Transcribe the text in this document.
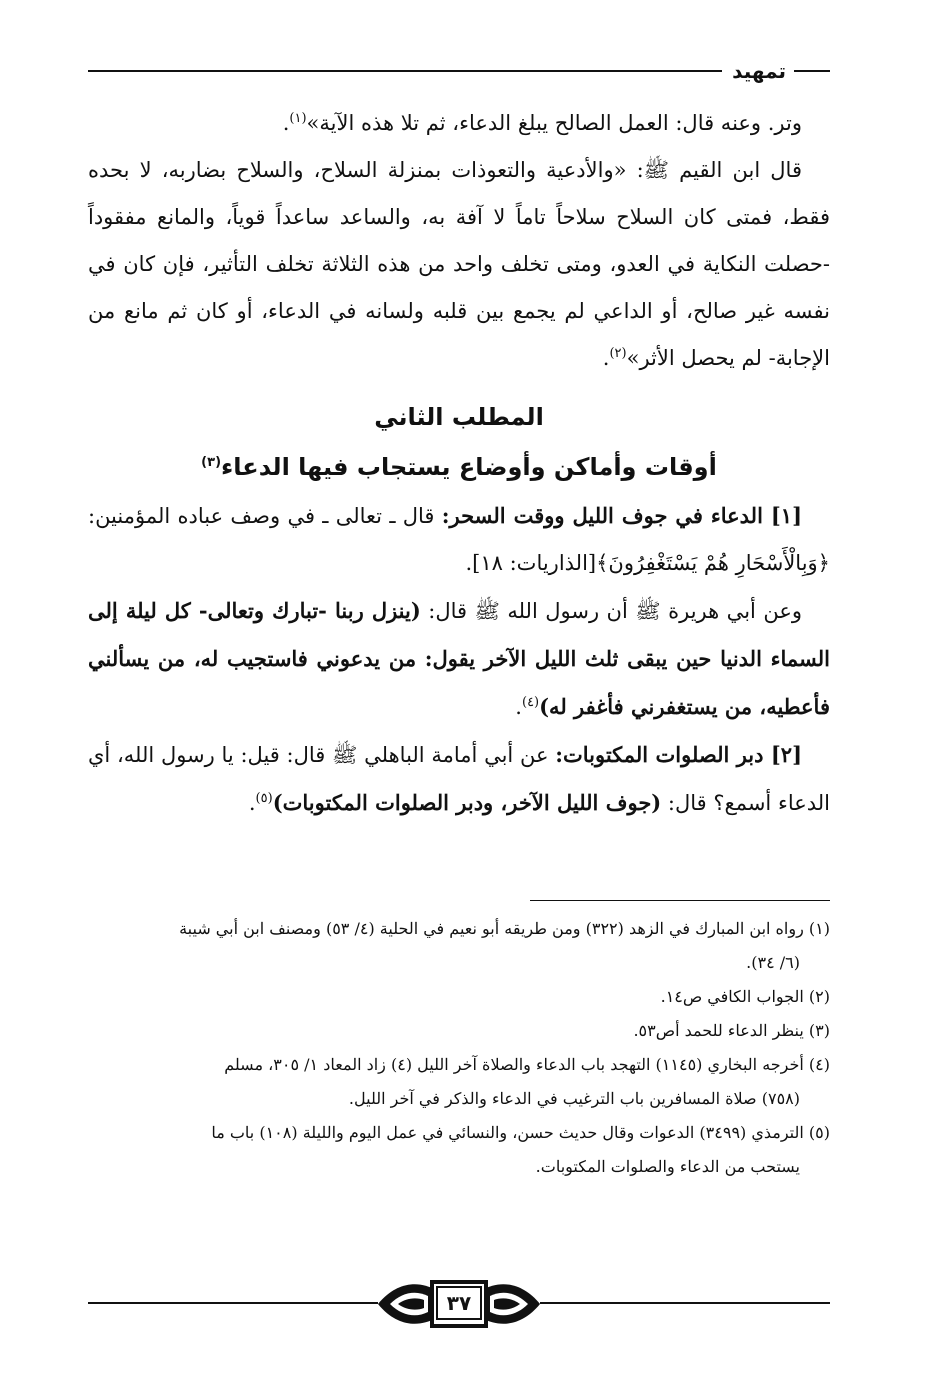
تمهيد

وتر. وعنه قال: العمل الصالح يبلغ الدعاء، ثم تلا هذه الآية»$^{(١)}$.

قال ابن القيم ﷺ: «والأدعية والتعوذات بمنزلة السلاح، والسلاح بضاربه، لا بحده فقط، فمتى كان السلاح سلاحاً تاماً لا آفة به، والساعد ساعداً قوياً، والمانع مفقوداً -حصلت النكاية في العدو، ومتى تخلف واحد من هذه الثلاثة تخلف التأثير، فإن كان في نفسه غير صالح، أو الداعي لم يجمع بين قلبه ولسانه في الدعاء، أو كان ثم مانع من الإجابة- لم يحصل الأثر»$^{(٢)}$.

المطلب الثاني
أوقات وأماكن وأوضاع يستجاب فيها الدعاء$^{(٣)}$

[١] الدعاء في جوف الليل ووقت السحر: قال ـ تعالى ـ في وصف عباده المؤمنين: ﴿وَبِالْأَسْحَارِ هُمْ يَسْتَغْفِرُونَ﴾[الذاريات: ١٨].

وعن أبي هريرة ﷺ أن رسول الله ﷺ قال: (ينزل ربنا -تبارك وتعالى- كل ليلة إلى السماء الدنيا حين يبقى ثلث الليل الآخر يقول: من يدعوني فاستجيب له، من يسألني فأعطيه، من يستغفرني فأغفر له)$^{(٤)}$.

[٢] دبر الصلوات المكتوبات: عن أبي أمامة الباهلي ﷺ قال: قيل: يا رسول الله، أي الدعاء أسمع؟ قال: (جوف الليل الآخر، ودبر الصلوات المكتوبات)$^{(٥)}$.

(١) رواه ابن المبارك في الزهد (٣٢٢) ومن طريقه أبو نعيم في الحلية (٤/ ٥٣) ومصنف ابن أبي شيبة

(٦/ ٣٤).

(٢) الجواب الكافي ص١٤.

(٣) ينظر الدعاء للحمد أص٥٣.

(٤) أخرجه البخاري (١١٤٥) التهجد باب الدعاء والصلاة آخر الليل (٤) زاد المعاد ١/ ٣٠٥، مسلم

(٧٥٨) صلاة المسافرين باب الترغيب في الدعاء والذكر في آخر الليل.

(٥) الترمذي (٣٤٩٩) الدعوات وقال حديث حسن، والنسائي في عمل اليوم والليلة (١٠٨) باب ما

يستحب من الدعاء والصلوات المكتوبات.

٣٧
